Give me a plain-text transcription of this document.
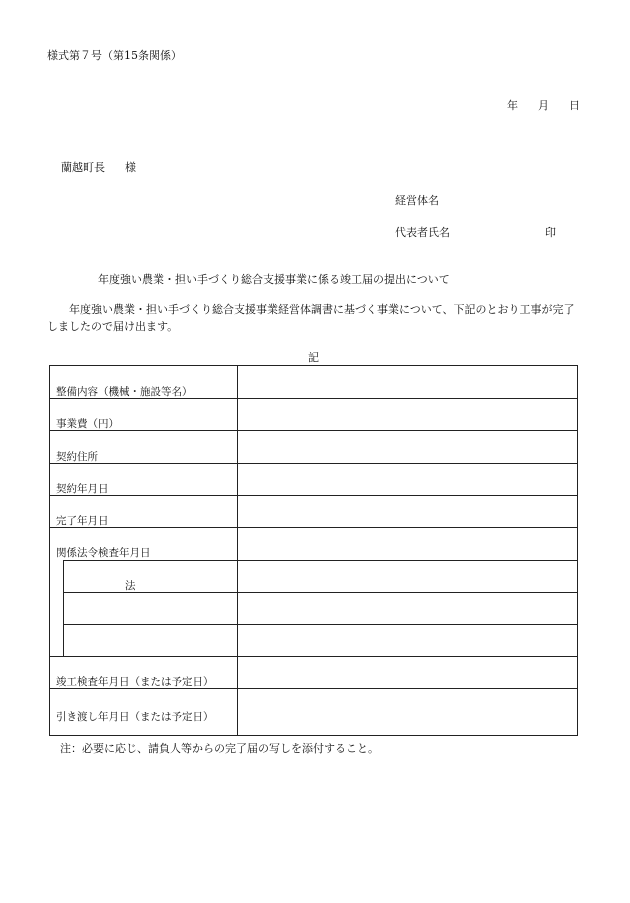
様式第７号（第15条関係）
年 月 日
蘭越町長 様
経営体名
代表者氏名	印
年度強い農業・担い手づくり総合支援事業に係る竣工届の提出について
　　年度強い農業・担い手づくり総合支援事業経営体調書に基づく事業について、下記のとおり工事が完了しましたので届け出ます。
記
整備内容（機械・施設等名）
事業費（円）
契約住所
契約年月日
完了年月日
関係法令検査年月日
法
竣工検査年月日（または予定日）
引き渡し年月日（または予定日）
注：必要に応じ、請負人等からの完了届の写しを添付すること。
